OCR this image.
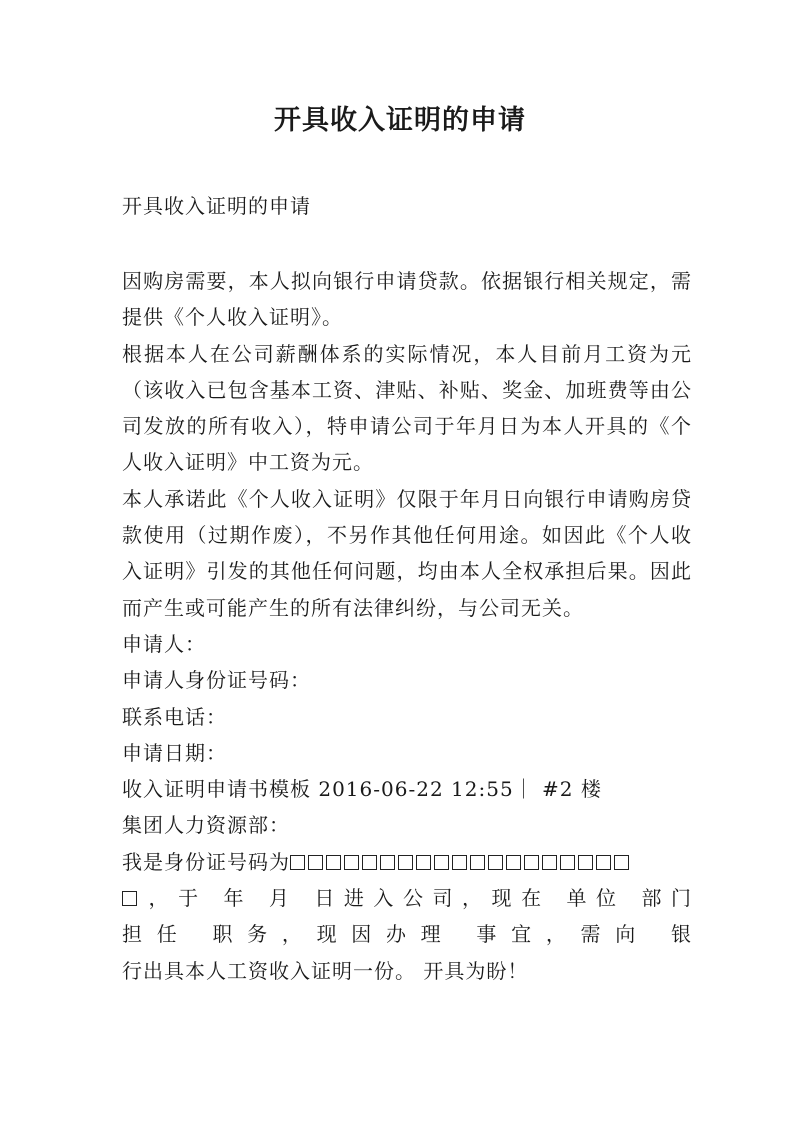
开具收入证明的申请

开具收入证明的申请

因购房需要，本人拟向银行申请贷款。依据银行相关规定，需提供《个人收入证明》。

根据本人在公司薪酬体系的实际情况，本人目前月工资为元（该收入已包含基本工资、津贴、补贴、奖金、加班费等由公司发放的所有收入），特申请公司于年月日为本人开具的《个人收入证明》中工资为元。

本人承诺此《个人收入证明》仅限于年月日向银行申请购房贷款使用（过期作废），不另作其他任何用途。如因此《个人收入证明》引发的其他任何问题，均由本人全权承担后果。因此而产生或可能产生的所有法律纠纷，与公司无关。

申请人：

申请人身份证号码：

联系电话：

申请日期：

收入证明申请书模板 2016-06-22 12:55｜ #2 楼

集团人力资源部：

我是身份证号码为

，于 年 月 日进入公司，现在 单位 部门

担任 职务，现因办理 事宜，需向 银

行出具本人工资收入证明一份。 开具为盼！
